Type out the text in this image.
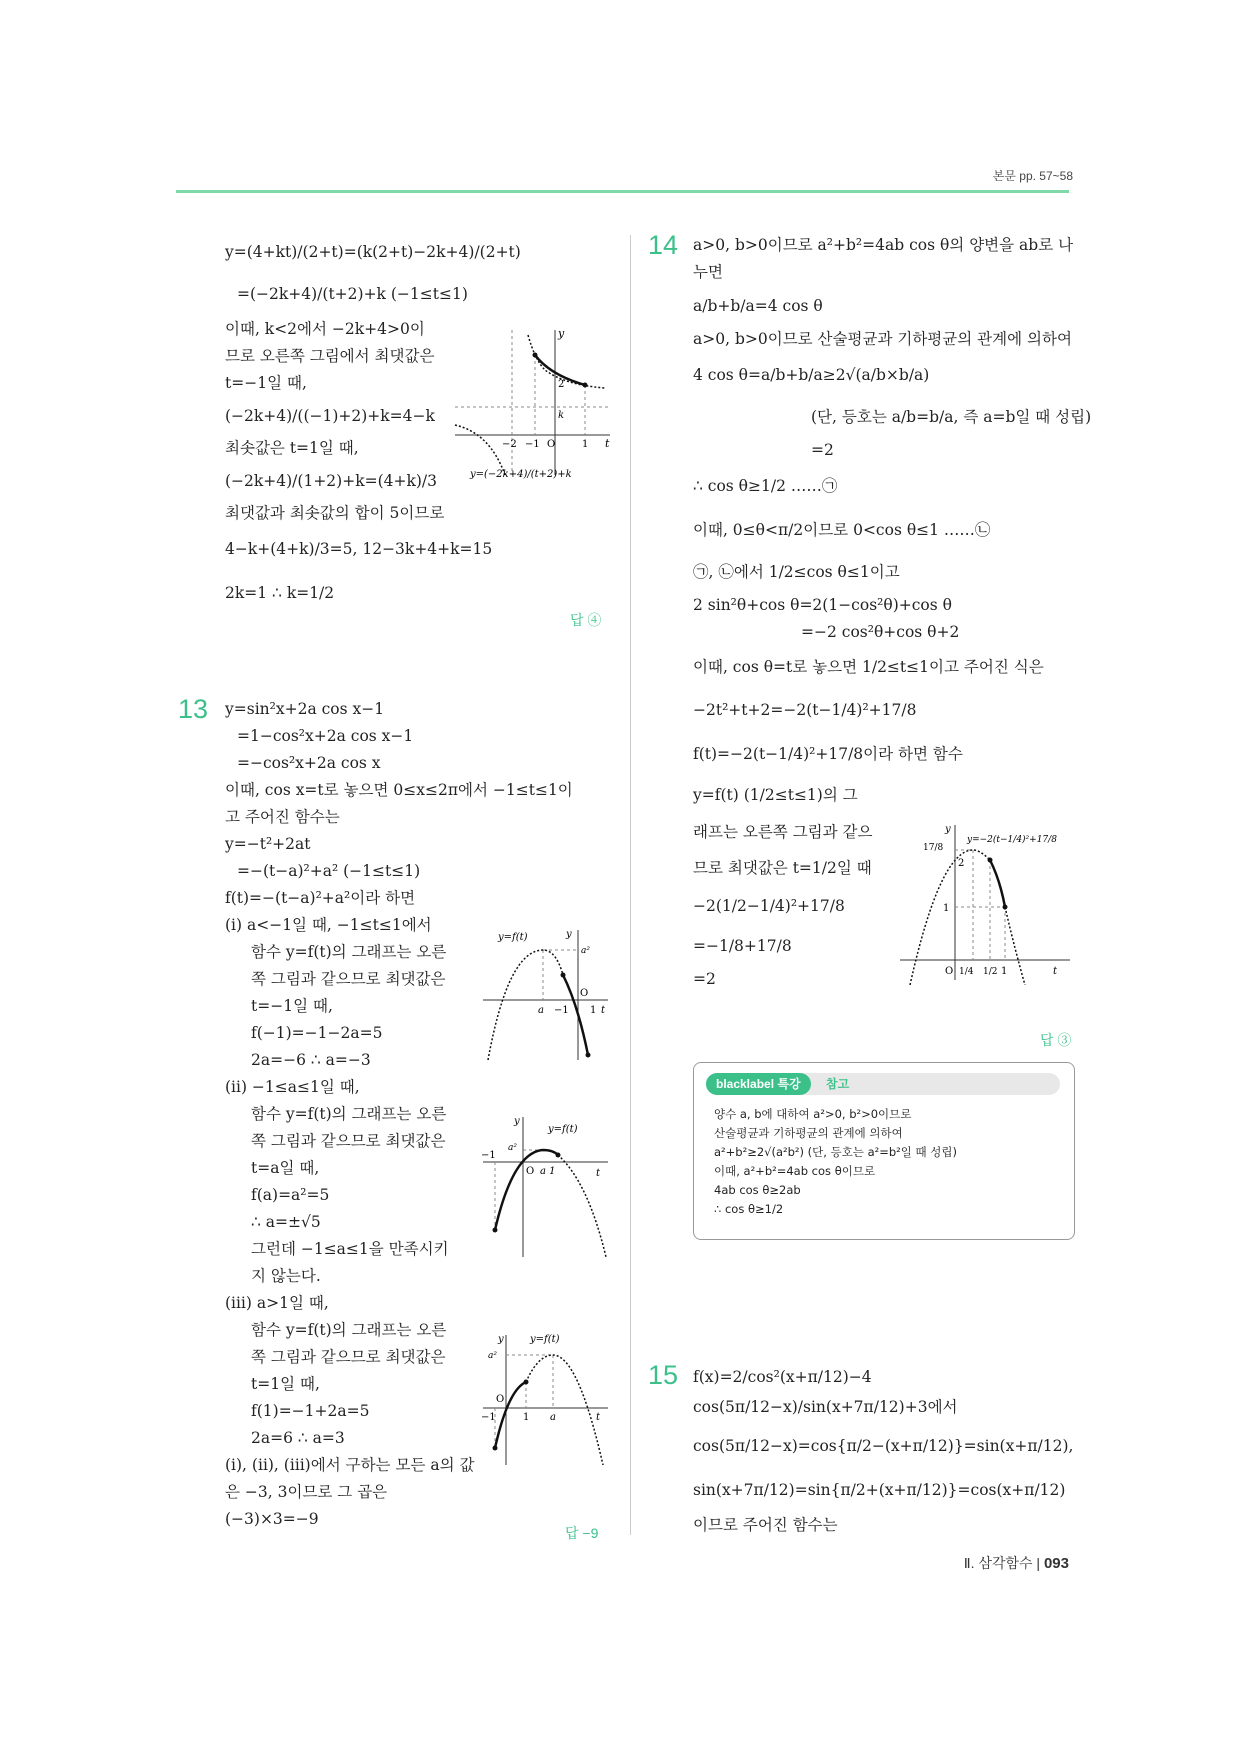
본문 pp. 57~58
y=(4+kt)/(2+t)=(k(2+t)−2k+4)/(2+t)
=(−2k+4)/(t+2)+k (−1≤t≤1)
이때, k<2에서 −2k+4>0이
므로 오른쪽 그림에서 최댓값은
t=−1일 때,
(−2k+4)/((−1)+2)+k=4−k
최솟값은 t=1일 때,
(−2k+4)/(1+2)+k=(4+k)/3
최댓값과 최솟값의 합이 5이므로
4−k+(4+k)/3=5, 12−3k+4+k=15
2k=1 ∴ k=1/2
답 ④
y
t
2
k
−2 −1 O	1
y=(−2k+4)/(t+2)+k
13 y=sin²x+2a cos x−1
=1−cos²x+2a cos x−1
=−cos²x+2a cos x
이때, cos x=t로 놓으면 0≤x≤2π에서 −1≤t≤1이
고 주어진 함수는
y=−t²+2at
=−(t−a)²+a² (−1≤t≤1)
f(t)=−(t−a)²+a²이라 하면
(ⅰ) a<−1일 때, −1≤t≤1에서
함수 y=f(t)의 그래프는 오른
쪽 그림과 같으므로 최댓값은
t=−1일 때,
f(−1)=−1−2a=5
2a=−6 ∴ a=−3
(ⅱ) −1≤a≤1일 때,
함수 y=f(t)의 그래프는 오른
쪽 그림과 같으므로 최댓값은
t=a일 때,
f(a)=a²=5
∴ a=±√5
그런데 −1≤a≤1을 만족시키
지 않는다.
(ⅲ) a>1일 때,
함수 y=f(t)의 그래프는 오른
쪽 그림과 같으므로 최댓값은
t=1일 때,
f(1)=−1+2a=5
2a=6 ∴ a=3
(ⅰ), (ⅱ), (ⅲ)에서 구하는 모든 a의 값
은 −3, 3이므로 그 곱은
(−3)×3=−9
답 −9
y=f(t)	y
a²
O
a −1 1 t
y
y=f(t)
a²
−1
O a 1	t
y	y=f(t)
a²
O
−1	1 a	t
14 a>0, b>0이므로 a²+b²=4ab cos θ의 양변을 ab로 나
누면
a/b+b/a=4 cos θ
a>0, b>0이므로 산술평균과 기하평균의 관계에 의하여
4 cos θ=a/b+b/a≥2√(a/b×b/a)
(단, 등호는 a/b=b/a, 즉 a=b일 때 성립)
=2
∴ cos θ≥1/2 ……㉠
이때, 0≤θ<π/2이므로 0<cos θ≤1 ……㉡
㉠, ㉡에서 1/2≤cos θ≤1이고
2 sin²θ+cos θ=2(1−cos²θ)+cos θ
=−2 cos²θ+cos θ+2
이때, cos θ=t로 놓으면 1/2≤t≤1이고 주어진 식은
−2t²+t+2=−2(t−1/4)²+17/8
f(t)=−2(t−1/4)²+17/8이라 하면 함수
y=f(t) (1/2≤t≤1)의 그
래프는 오른쪽 그림과 같으
므로 최댓값은 t=1/2일 때
−2(1/2−1/4)²+17/8
=−1/8+17/8
=2
답 ③
y
y=−2(t−1/4)²+17/8
17/8
2
1
O 1/4 1/2 1	t
blacklabel 특강	참고
양수 a, b에 대하여 a²>0, b²>0이므로
산술평균과 기하평균의 관계에 의하여
a²+b²≥2√(a²b²) (단, 등호는 a²=b²일 때 성립)
이때, a²+b²=4ab cos θ이므로
4ab cos θ≥2ab
∴ cos θ≥1/2
15 f(x)=2/cos²(x+π/12)−4 cos(5π/12−x)/sin(x+7π/12)+3에서
cos(5π/12−x)=cos{π/2−(x+π/12)}=sin(x+π/12),
sin(x+7π/12)=sin{π/2+(x+π/12)}=cos(x+π/12)
이므로 주어진 함수는
Ⅱ. 삼각함수 | 093
